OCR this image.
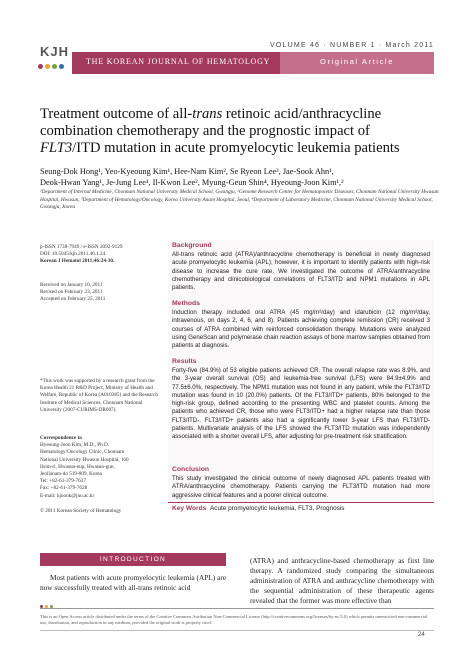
KJH	VOLUME 46 · NUMBER 1 · March 2011
THE KOREAN JOURNAL OF HEMATOLOGY	Original Article
Treatment outcome of all-trans retinoic acid/anthracycline
combination chemotherapy and the prognostic impact of
FLT3/ITD mutation in acute promyelocytic leukemia patients
Seung-Dok Hong¹, Yeo-Kyeoung Kim¹, Hee-Nam Kim², Se Ryeon Lee³, Jae-Sook Ahn¹,
Deok-Hwan Yang¹, Je-Jung Lee¹, Il-Kwon Lee², Myung-Geun Shin⁴, Hyeoung-Joon Kim¹,²
¹Department of Internal Medicine, Chonnam National University Medical School, Gwangju, ²Genome Research Center for Hematopoietic Diseases, Chonnam National University Hwasun Hospital, Hwasun, ³Department of Hematology/Oncology, Korea University Anam Hospital, Seoul, ⁴Department of Laboratory Medicine, Chonnam National University Medical School, Gwangju, Korea
p-ISSN 1738-7949 / e-ISSN 2092-9129
DOI: 10.5045/kjh.2011.46.1.24
Korean J Hematol 2011;46:24-30.
Received on January 10, 2011
Revised on February 23, 2011
Accepted on February 25, 2011
*This work was supported by a research grant from the Korea Health 21 R&D Project, Ministry of Health and Welfare, Republic of Korea (A010385) and the Research Institute of Medical Sciences, Chonnam National University (2007-CURIMS-DR007).
Correspondence to
Hyeoung-Joon Kim, M.D., Ph.D.
Hematology/Oncology Clinic, Chonnam
National University Hwasun Hospital, 160
Ilsim-ri, Hwasun-eup, Hwasun-gun,
Jeollanam-do 519-809, Korea
Tel: +82-61-379-7637
Fax: +82-61-379-7628
E-mail: hjoonk@jnu.ac.kr
© 2011 Korean Society of Hematology
Background
All-trans retinoic acid (ATRA)/anthracycline chemotherapy is beneficial in newly diagnosed acute promyelocytic leukemia (APL); however, it is important to identify patients with high-risk disease to increase the cure rate. We investigated the outcome of ATRA/anthracycline chemotherapy and clinicobiological correlations of FLT3/ITD and NPM1 mutations in APL patients.
Methods
Induction therapy included oral ATRA (45 mg/m²/day) and idarubicin (12 mg/m²/day, intravenous, on days 2, 4, 6, and 8). Patients achieving complete remission (CR) received 3 courses of ATRA combined with reinforced consolidation therapy. Mutations were analyzed using GeneScan and polymerase chain reaction assays of bone marrow samples obtained from patients at diagnosis.
Results
Forty-five (84.9%) of 53 eligible patients achieved CR. The overall relapse rate was 8.9%, and the 3-year overall survival (OS) and leukemia-free survival (LFS) were 84.9±4.9% and 77.5±6.0%, respectively. The NPM1 mutation was not found in any patient, while the FLT3/ITD mutation was found in 10 (20.0%) patients. Of the FLT3/ITD+ patients, 80% belonged to the high-risk group, defined according to the presenting WBC and platelet counts. Among the patients who achieved CR, those who were FLT3/ITD+ had a higher relapse rate than those FLT3/ITD-. FLT3/ITD+ patients also had a significantly lower 3-year LFS than FLT3/ITD- patients. Multivariate analysis of the LFS showed the FLT3/ITD mutation was independently associated with a shorter overall LFS, after adjusting for pre-treatment risk stratification.
Conclusion
This study investigated the clinical outcome of newly diagnosed APL patients treated with ATRA/anthracycline chemotherapy. Patients carrying the FLT3/ITD mutation had more aggressive clinical features and a poorer clinical outcome.
Key Words Acute promyelocytic leukemia, FLT3, Prognosis
INTRODUCTION
Most patients with acute promyelocytic leukemia (APL) are now successfully treated with all-trans retinoic acid
(ATRA) and anthracycline-based chemotherapy as first line therapy. A randomized study comparing the simultaneous administration of ATRA and anthracycline chemotherapy with the sequential administration of these therapeutic agents revealed that the former was more effective than
This is an Open Access article distributed under the terms of the Creative Commons Attribution Non-Commercial License (http://creativecommons.org/licenses/by-nc/3.0) which permits unrestricted non-commercial use, distribution, and reproduction in any medium, provided the original work is properly cited.
24
